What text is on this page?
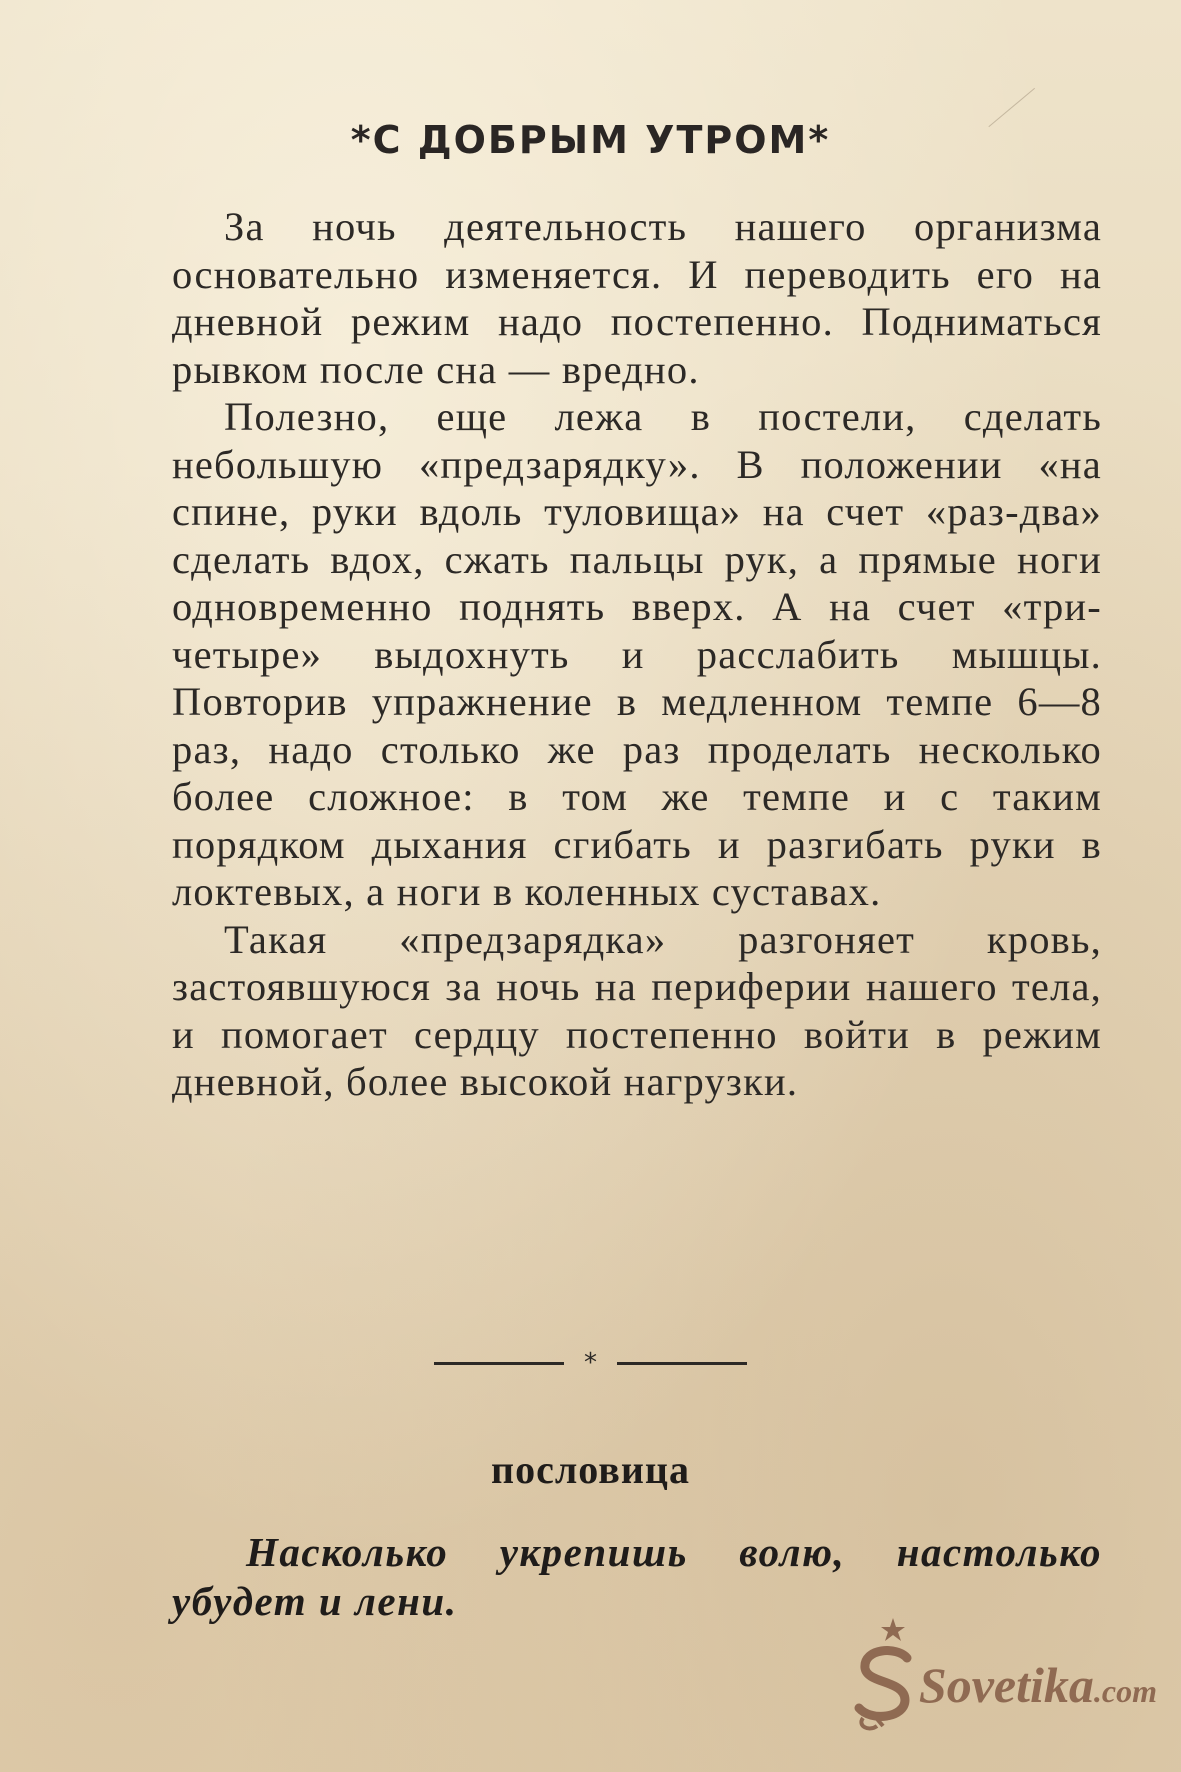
*С ДОБРЫМ УТРОМ*

За ночь деятельность нашего организма основательно изменяется. И переводить его на дневной режим надо постепенно. Подниматься рывком после сна — вредно.

Полезно, еще лежа в постели, сделать небольшую «предзарядку». В положении «на спине, руки вдоль туловища» на счет «раз-два» сделать вдох, сжать пальцы рук, а прямые ноги одновременно поднять вверх. А на счет «три-четыре» выдохнуть и расслабить мышцы. Повторив упражнение в медленном темпе 6—8 раз, надо столько же раз проделать несколько более сложное: в том же темпе и с таким порядком дыхания сгибать и разгибать руки в локтевых, а ноги в коленных суставах.

Такая «предзарядка» разгоняет кровь, застоявшуюся за ночь на периферии нашего тела, и помогает сердцу постепенно войти в режим дневной, более высокой нагрузки.

*
пословица
Насколько укрепишь волю, настолько убудет и лени.
Sovetika.com
